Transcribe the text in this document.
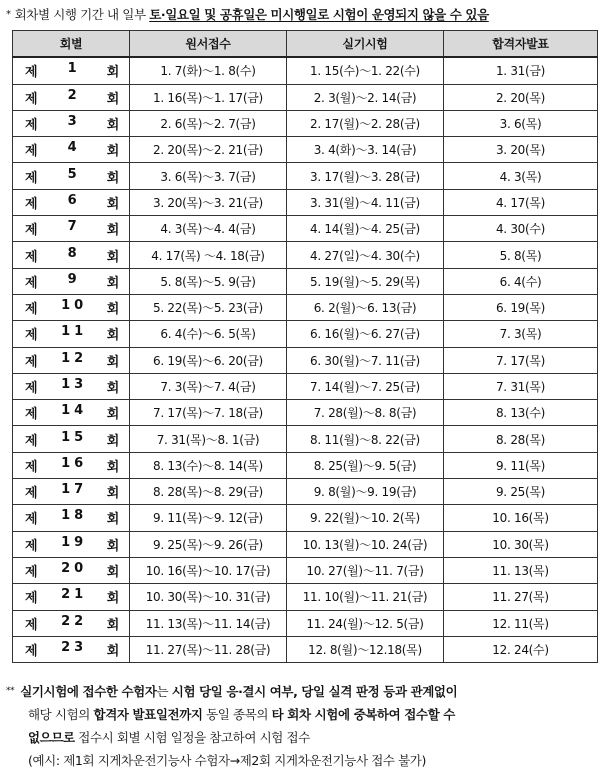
* 회차별 시행 기간 내 일부 토·일요일 및 공휴일은 미시행일로 시험이 운영되지 않을 수 있음
회별	원서접수	실기시험	합격자발표

제 1 회	1. 7(화)～1. 8(수)	1. 15(수)～1. 22(수)	1. 31(금)

제 2 회	1. 16(목)～1. 17(금)	2. 3(월)～2. 14(금)	2. 20(목)

제 3 회	2. 6(목)～2. 7(금)	2. 17(월)～2. 28(금)	3. 6(목)

제 4 회	2. 20(목)～2. 21(금)	3. 4(화)～3. 14(금)	3. 20(목)

제 5 회	3. 6(목)～3. 7(금)	3. 17(월)～3. 28(금)	4. 3(목)

제 6 회	3. 20(목)～3. 21(금)	3. 31(월)～4. 11(금)	4. 17(목)

제 7 회	4. 3(목)～4. 4(금)	4. 14(월)～4. 25(금)	4. 30(수)

제 8 회	4. 17(목) ～4. 18(금)	4. 27(일)～4. 30(수)	5. 8(목)

제 9 회	5. 8(목)～5. 9(금)	5. 19(월)～5. 29(목)	6. 4(수)

제 1 0 회	5. 22(목)～5. 23(금)	6. 2(월)～6. 13(금)	6. 19(목)

제 1 1 회	6. 4(수)～6. 5(목)	6. 16(월)～6. 27(금)	7. 3(목)

제 1 2 회	6. 19(목)～6. 20(금)	6. 30(월)～7. 11(금)	7. 17(목)

제 1 3 회	7. 3(목)～7. 4(금)	7. 14(월)～7. 25(금)	7. 31(목)

제 1 4 회	7. 17(목)～7. 18(금)	7. 28(월)～8. 8(금)	8. 13(수)

제 1 5 회	7. 31(목)～8. 1(금)	8. 11(월)～8. 22(금)	8. 28(목)

제 1 6 회	8. 13(수)～8. 14(목)	8. 25(월)～9. 5(금)	9. 11(목)

제 1 7 회	8. 28(목)～8. 29(금)	9. 8(월)～9. 19(금)	9. 25(목)

제 1 8 회	9. 11(목)～9. 12(금)	9. 22(월)～10. 2(목)	10. 16(목)

제 1 9 회	9. 25(목)～9. 26(금)	10. 13(월)～10. 24(금)	10. 30(목)

제 2 0 회	10. 16(목)～10. 17(금)	10. 27(월)～11. 7(금)	11. 13(목)

제 2 1 회	10. 30(목)～10. 31(금)	11. 10(월)～11. 21(금)	11. 27(목)

제 2 2 회	11. 13(목)～11. 14(금)	11. 24(월)～12. 5(금)	12. 11(목)

제 2 3 회	11. 27(목)～11. 28(금)	12. 8(월)～12.18(목)	12. 24(수)
** 실기시험에 접수한 수험자는 시험 당일 응·결시 여부, 당일 실격 판정 등과 관계없이
해당 시험의 합격자 발표일전까지 동일 종목의 타 회차 시험에 중복하여 접수할 수
없으므로 접수시 회별 시험 일정을 참고하여 시험 접수
(예시: 제1회 지게차운전기능사 수험자→제2회 지게차운전기능사 접수 불가)
